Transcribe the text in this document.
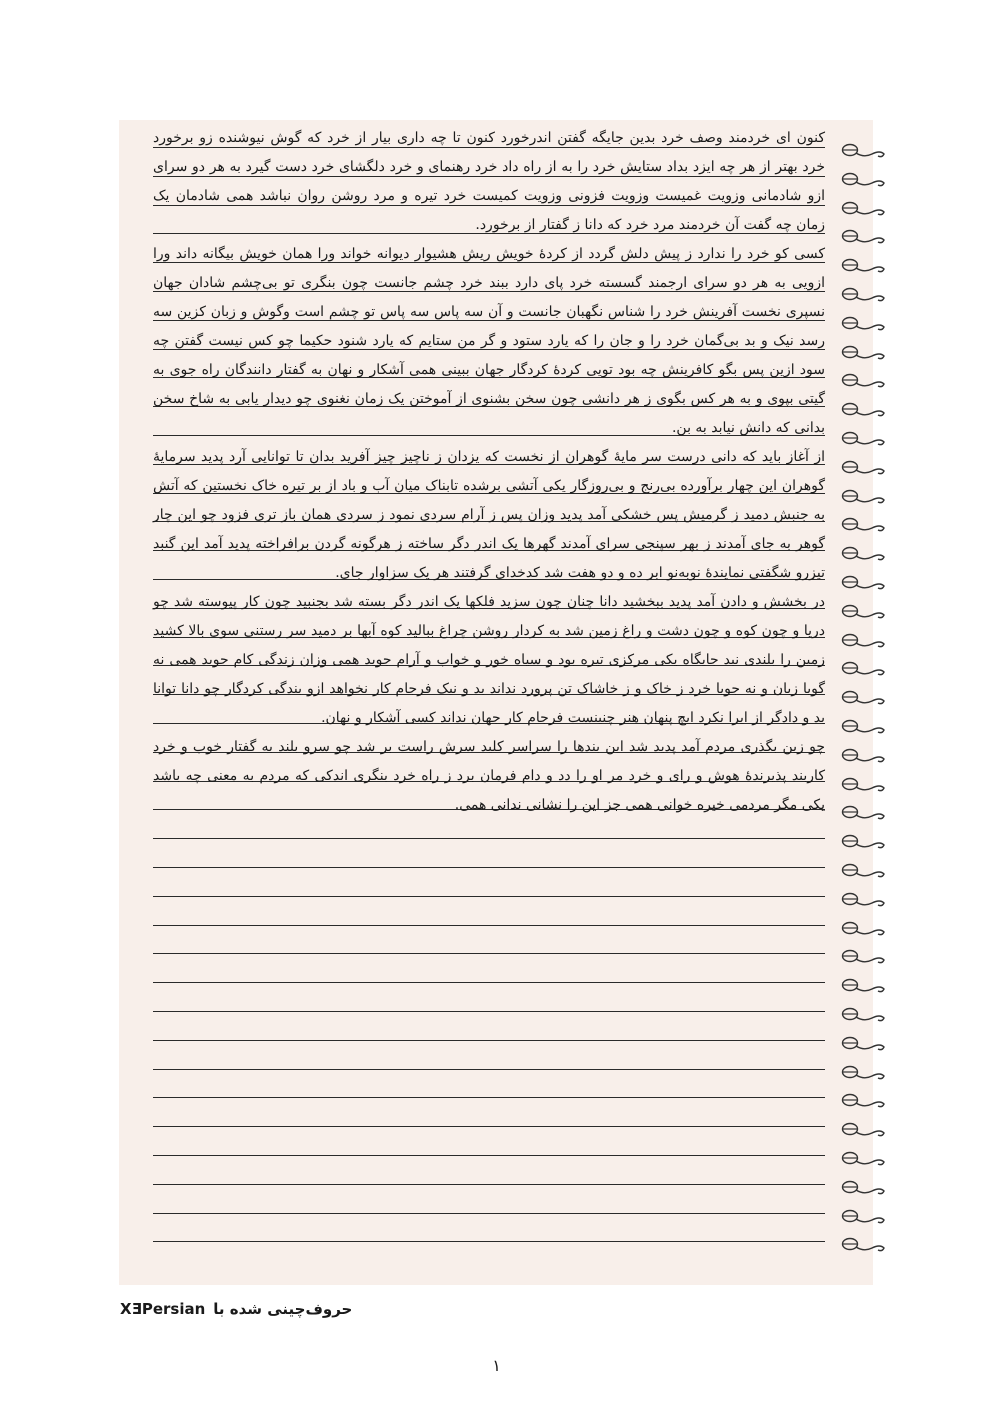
کنون ای خردمند وصف خرد بدین جایگه گفتن اندرخورد کنون تا چه داری بیار از خرد که گوش نیوشنده زو برخورد خرد بهتر از هر چه ایزد بداد ستایش خرد را به از راه داد خرد رهنمای و خرد دلگشای خرد دست گیرد به هر دو سرای ازو شادمانی وزویت غمیست وزویت فزونی وزویت کمیست خرد تیره و مرد روشن روان نباشد همی شادمان یک زمان چه گفت آن خردمند مرد خرد که دانا ز گفتار از برخورد.

کسی کو خرد را ندارد ز پیش دلش گردد از کردهٔ خویش ریش هشیوار دیوانه خواند ورا همان خویش بیگانه داند ورا ازویی به هر دو سرای ارجمند گسسته خرد پای دارد ببند خرد چشم جانست چون بنگری تو بی‌چشم شادان جهان نسپری نخست آفرینش خرد را شناس نگهبان جانست و آن سه پاس سه پاس تو چشم است وگوش و زبان کزین سه رسد نیک و بد بی‌گمان خرد را و جان را که یارد ستود و گر من ستایم که یارد شنود حکیما چو کس نیست گفتن چه سود ازین پس بگو کافرینش چه بود تویی کردهٔ کردگار جهان ببینی همی آشکار و نهان به گفتار دانندگان راه جوی به گیتی بپوی و به هر کس بگوی ز هر دانشی چون سخن بشنوی از آموختن یک زمان نغنوی چو دیدار یابی به شاخ سخن بدانی که دانش نیابد به بن.

از آغاز باید که دانی درست سر مایهٔ گوهران از نخست که یزدان ز ناچیز چیز آفرید بدان تا توانایی آرد پدید سرمایهٔ گوهران این چهار برآورده بی‌رنج و بی‌روزگار یکی آتشی برشده تابناک میان آب و باد از بر تیره خاک نخستین که آتش به جنبش دمید ز گرمیش پس خشکی آمد پدید وزان پس ز آرام سردی نمود ز سردی همان باز تری فزود چو این چار گوهر به جای آمدند ز بهر سپنجی سرای آمدند گهرها یک اندر دگر ساخته ز هرگونه گردن برافراخته پدید آمد این گنبد تیزرو شگفتی نمایندهٔ نوبه‌نو ابر ده و دو هفت شد کدخدای گرفتند هر یک سزاوار جای.

در بخشش و دادن آمد پدید ببخشید دانا چنان چون سزید فلکها یک اندر دگر بسته شد بجنبید چون کار پیوسته شد چو دریا و چون کوه و چون دشت و راغ زمین شد به کردار روشن چراغ ببالید کوه آبها بر دمید سر رستنی سوی بالا کشید زمین را بلندی نبد جایگاه یکی مرکزی تیره بود و سیاه خور و خواب و آرام جوید همی وزان زندگی کام جوید همی نه گویا زبان و نه جویا خرد ز خاک و ز خاشاک تن پرورد نداند بد و نیک فرجام کار نخواهد ازو بندگی کردگار چو دانا توانا بد و دادگر از ایرا نکرد ایچ پنهان هنر چنینست فرجام کار جهان نداند کسی آشکار و نهان.

چو زین بگذری مردم آمد پدید شد این بندها را سراسر کلید سرش راست بر شد چو سرو بلند به گفتار خوب و خرد کاربند پذیرندهٔ هوش و رای و خرد مر او را دد و دام فرمان برد ز راه خرد بنگری اندکی که مردم به معنی چه باشد یکی مگر مردمی خیره خوانی همی جز این را نشانی ندانی همی.

حروف‌چینی شده با
XEPersian
۱
